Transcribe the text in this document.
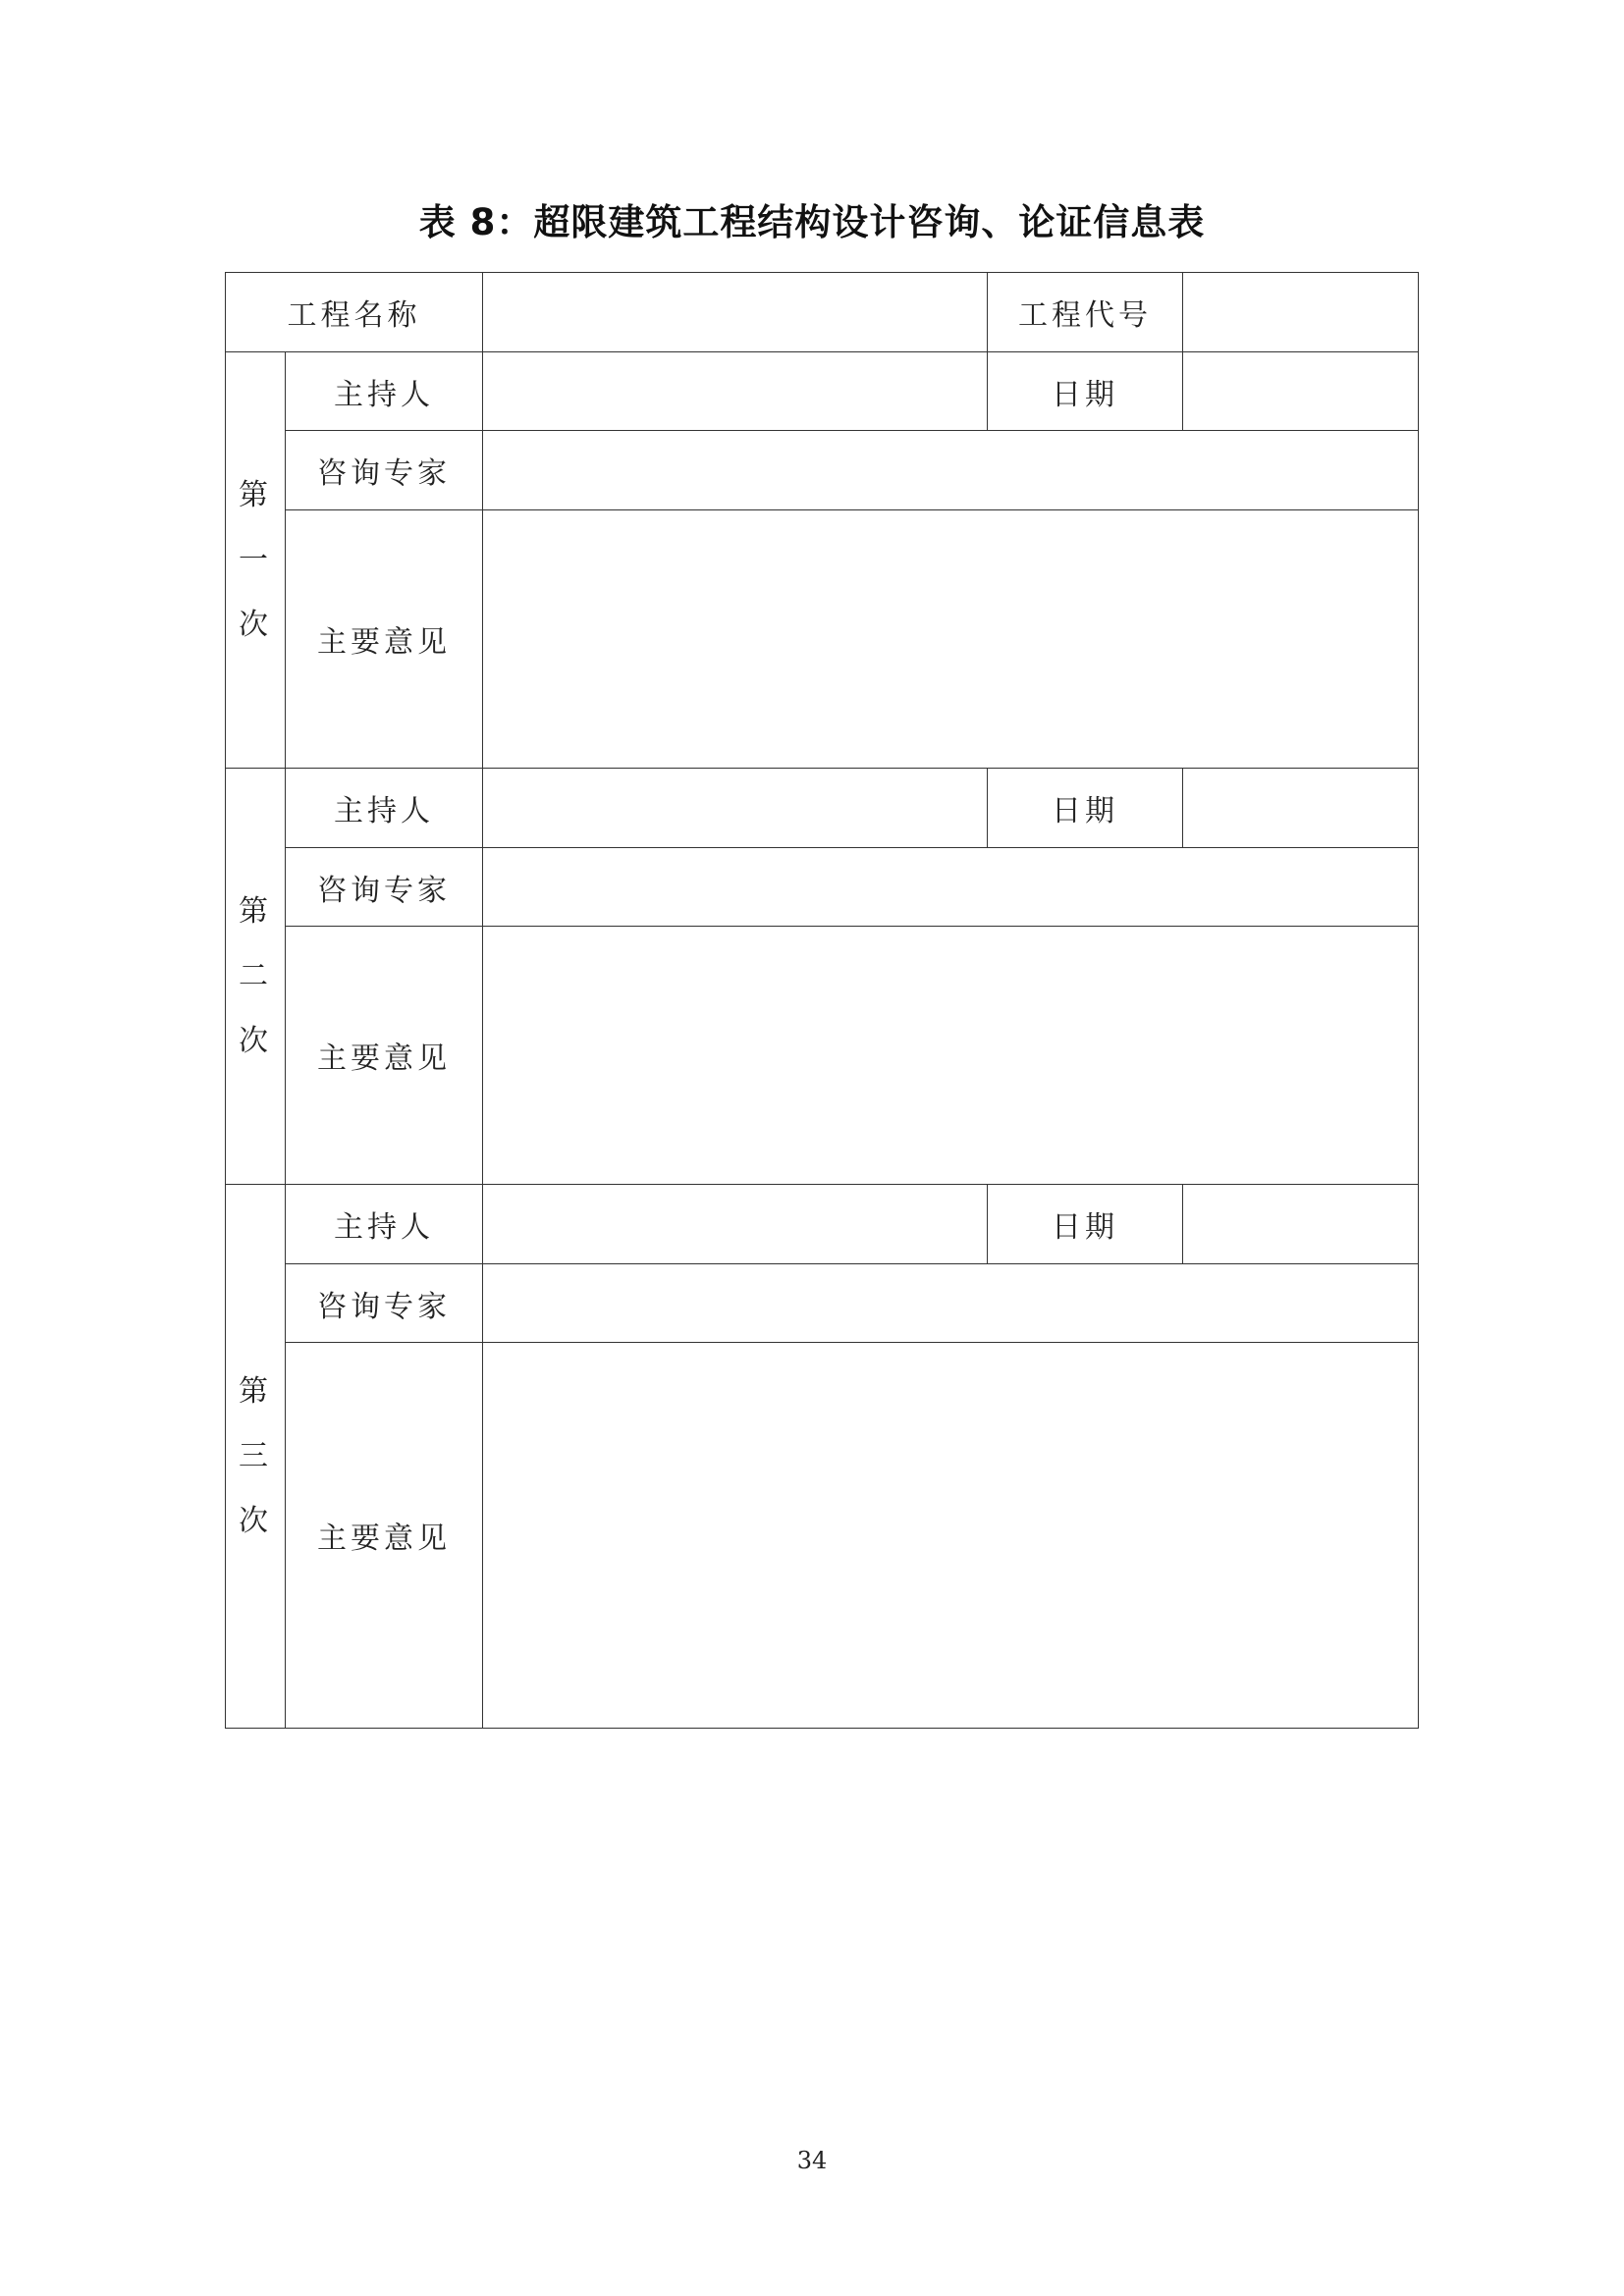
表 8：超限建筑工程结构设计咨询、论证信息表
工程名称			工程代号	

第
一
次	主持人		日期	
	咨询专家			
	主要意见			

第
二
次	主持人		日期	
	咨询专家			
	主要意见			

第
三
次	主持人		日期	
	咨询专家			
	主要意见			
34
